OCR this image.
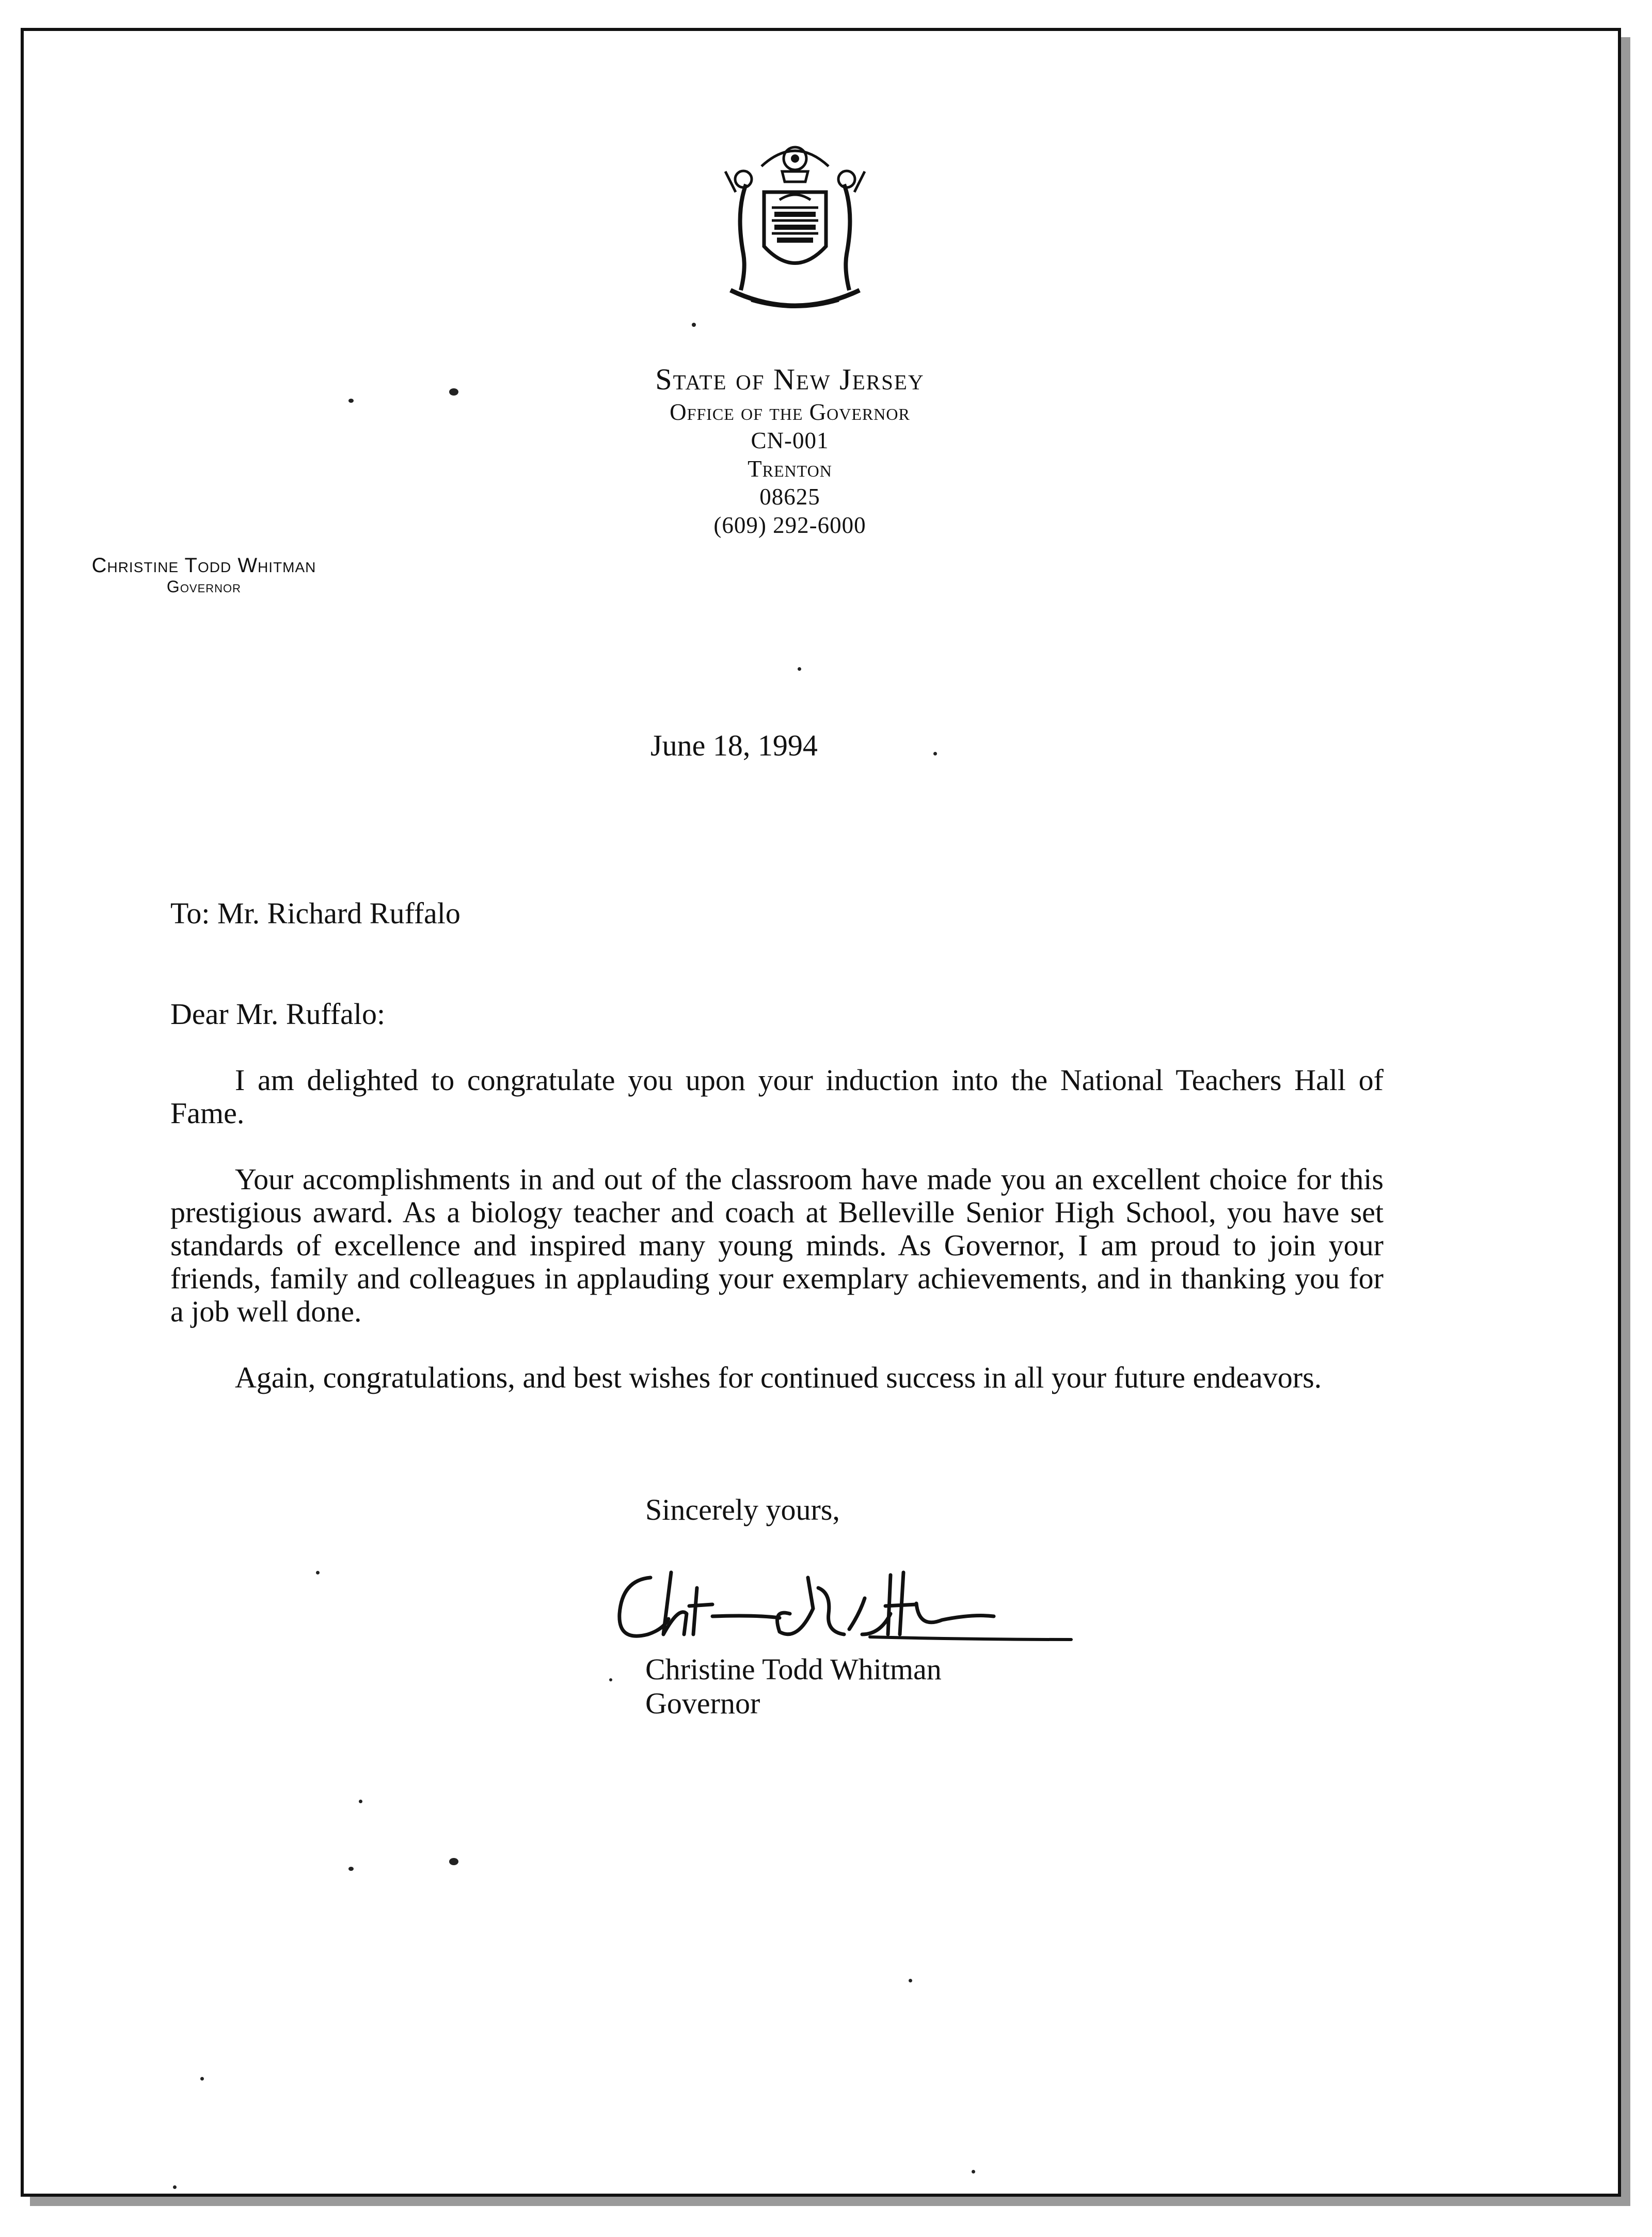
State of New Jersey
Office of the Governor
CN-001
Trenton
08625
(609) 292-6000
Christine Todd Whitman
Governor
June 18, 1994
To: Mr. Richard Ruffalo
Dear Mr. Ruffalo:

I am delighted to congratulate you upon your induction into the National Teachers Hall of Fame.

Your accomplishments in and out of the classroom have made you an excellent choice for this prestigious award. As a biology teacher and coach at Belleville Senior High School, you have set standards of excellence and inspired many young minds. As Governor, I am proud to join your friends, family and colleagues in applauding your exemplary achievements, and in thanking you for a job well done.

Again, congratulations, and best wishes for continued success in all your future endeavors.

Sincerely yours,
Christine Todd Whitman
Governor
